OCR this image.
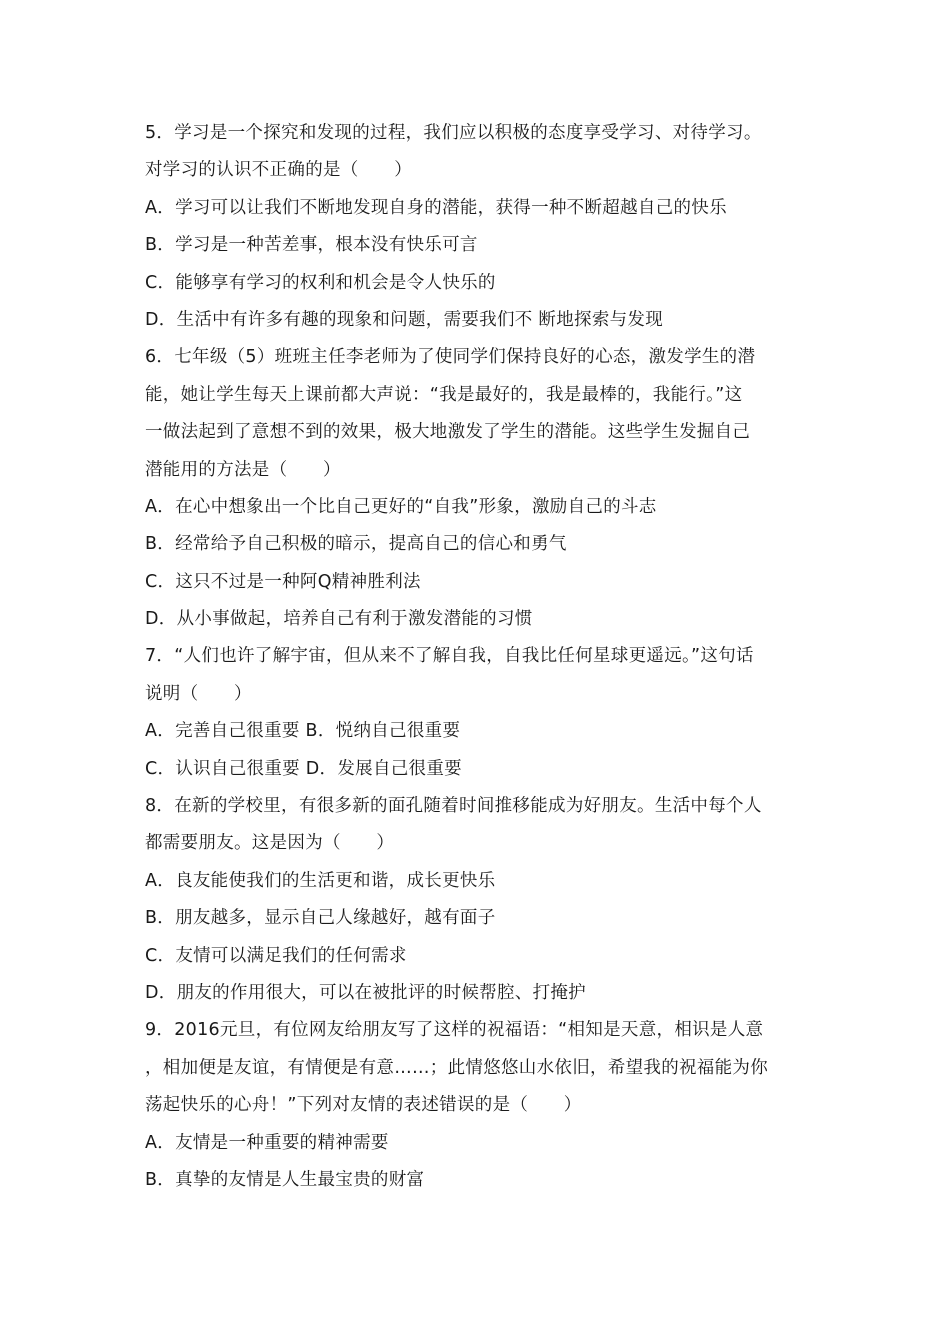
5．学习是一个探究和发现的过程，我们应以积极的态度享受学习、对待学习。
对学习的认识不正确的是（　　）
A．学习可以让我们不断地发现自身的潜能，获得一种不断超越自己的快乐
B．学习是一种苦差事，根本没有快乐可言
C．能够享有学习的权利和机会是令人快乐的
D．生活中有许多有趣的现象和问题，需要我们不 断地探索与发现
6．七年级（5）班班主任李老师为了使同学们保持良好的心态，激发学生的潜
能，她让学生每天上课前都大声说：“我是最好的，我是最棒的，我能行。”这
一做法起到了意想不到的效果，极大地激发了学生的潜能。这些学生发掘自己
潜能用的方法是（　　）
A．在心中想象出一个比自己更好的“自我”形象，激励自己的斗志
B．经常给予自己积极的暗示，提高自己的信心和勇气
C．这只不过是一种阿Q精神胜利法
D．从小事做起，培养自己有利于激发潜能的习惯
7．“人们也许了解宇宙，但从来不了解自我，自我比任何星球更遥远。”这句话
说明（　　）
A．完善自己很重要 B．悦纳自己很重要
C．认识自己很重要 D．发展自己很重要
8．在新的学校里，有很多新的面孔随着时间推移能成为好朋友。生活中每个人
都需要朋友。这是因为（　　）
A．良友能使我们的生活更和谐，成长更快乐
B．朋友越多，显示自己人缘越好，越有面子
C．友情可以满足我们的任何需求
D．朋友的作用很大，可以在被批评的时候帮腔、打掩护
9．2016元旦，有位网友给朋友写了这样的祝福语：“相知是天意，相识是人意
，相加便是友谊，有情便是有意……；此情悠悠山水依旧，希望我的祝福能为你
荡起快乐的心舟！”下列对友情的表述错误的是（　　）
A．友情是一种重要的精神需要
B．真挚的友情是人生最宝贵的财富
